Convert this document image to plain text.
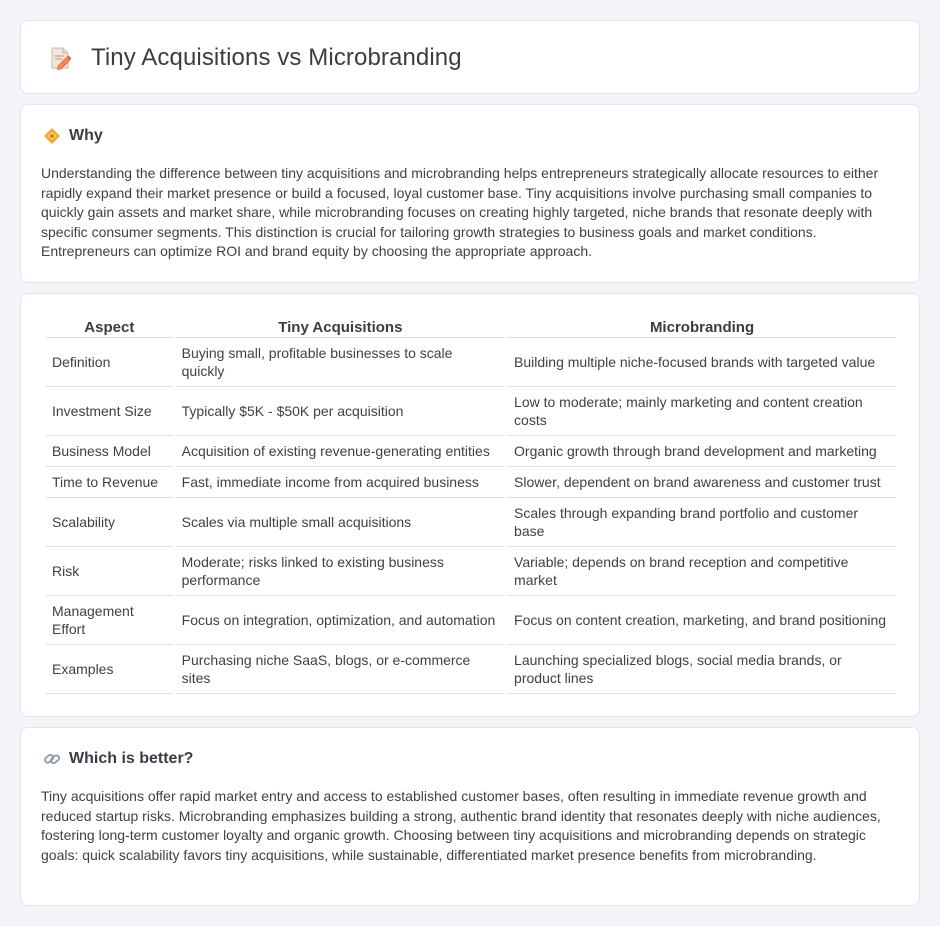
Tiny Acquisitions vs Microbranding
Why

Understanding the difference between tiny acquisitions and microbranding helps entrepreneurs strategically allocate resources to either rapidly expand their market presence or build a focused, loyal customer base. Tiny acquisitions involve purchasing small companies to quickly gain assets and market share, while microbranding focuses on creating highly targeted, niche brands that resonate deeply with specific consumer segments. This distinction is crucial for tailoring growth strategies to business goals and market conditions. Entrepreneurs can optimize ROI and brand equity by choosing the appropriate approach.

Aspect	Tiny Acquisitions	Microbranding
Definition	Buying small, profitable businesses to scale quickly	Building multiple niche-focused brands with targeted value
Investment Size	Typically $5K - $50K per acquisition	Low to moderate; mainly marketing and content creation costs
Business Model	Acquisition of existing revenue-generating entities	Organic growth through brand development and marketing
Time to Revenue	Fast, immediate income from acquired business	Slower, dependent on brand awareness and customer trust
Scalability	Scales via multiple small acquisitions	Scales through expanding brand portfolio and customer base
Risk	Moderate; risks linked to existing business performance	Variable; depends on brand reception and competitive market
Management Effort	Focus on integration, optimization, and automation	Focus on content creation, marketing, and brand positioning
Examples	Purchasing niche SaaS, blogs, or e-commerce sites	Launching specialized blogs, social media brands, or product lines
Which is better?

Tiny acquisitions offer rapid market entry and access to established customer bases, often resulting in immediate revenue growth and reduced startup risks. Microbranding emphasizes building a strong, authentic brand identity that resonates deeply with niche audiences, fostering long-term customer loyalty and organic growth. Choosing between tiny acquisitions and microbranding depends on strategic goals: quick scalability favors tiny acquisitions, while sustainable, differentiated market presence benefits from microbranding.
